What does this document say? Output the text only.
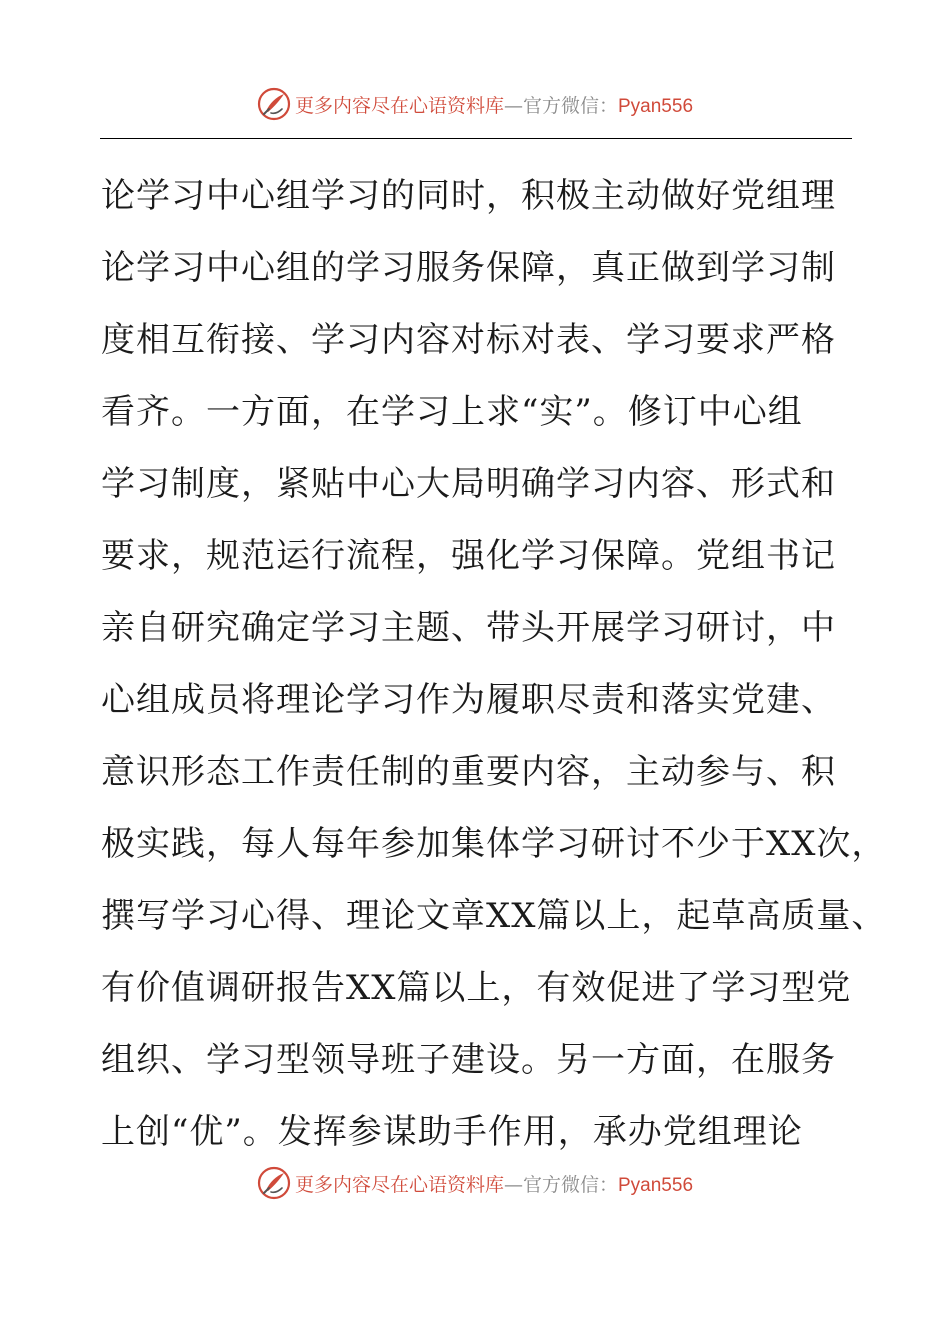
更多内容尽在心语资料库 — 官方微信： Pyan556
论学习中心组学习的同时，积极主动做好党组理
论学习中心组的学习服务保障，真正做到学习制
度相互衔接、学习内容对标对表、学习要求严格
看齐。一方面，在学习上求“实”。修订中心组
学习制度，紧贴中心大局明确学习内容、形式和
要求，规范运行流程，强化学习保障。党组书记
亲自研究确定学习主题、带头开展学习研讨，中
心组成员将理论学习作为履职尽责和落实党建、
意识形态工作责任制的重要内容，主动参与、积
极实践，每人每年参加集体学习研讨不少于XX次，
撰写学习心得、理论文章XX篇以上，起草高质量、
有价值调研报告XX篇以上，有效促进了学习型党
组织、学习型领导班子建设。另一方面，在服务
上创“优”。发挥参谋助手作用，承办党组理论
更多内容尽在心语资料库 — 官方微信： Pyan556
